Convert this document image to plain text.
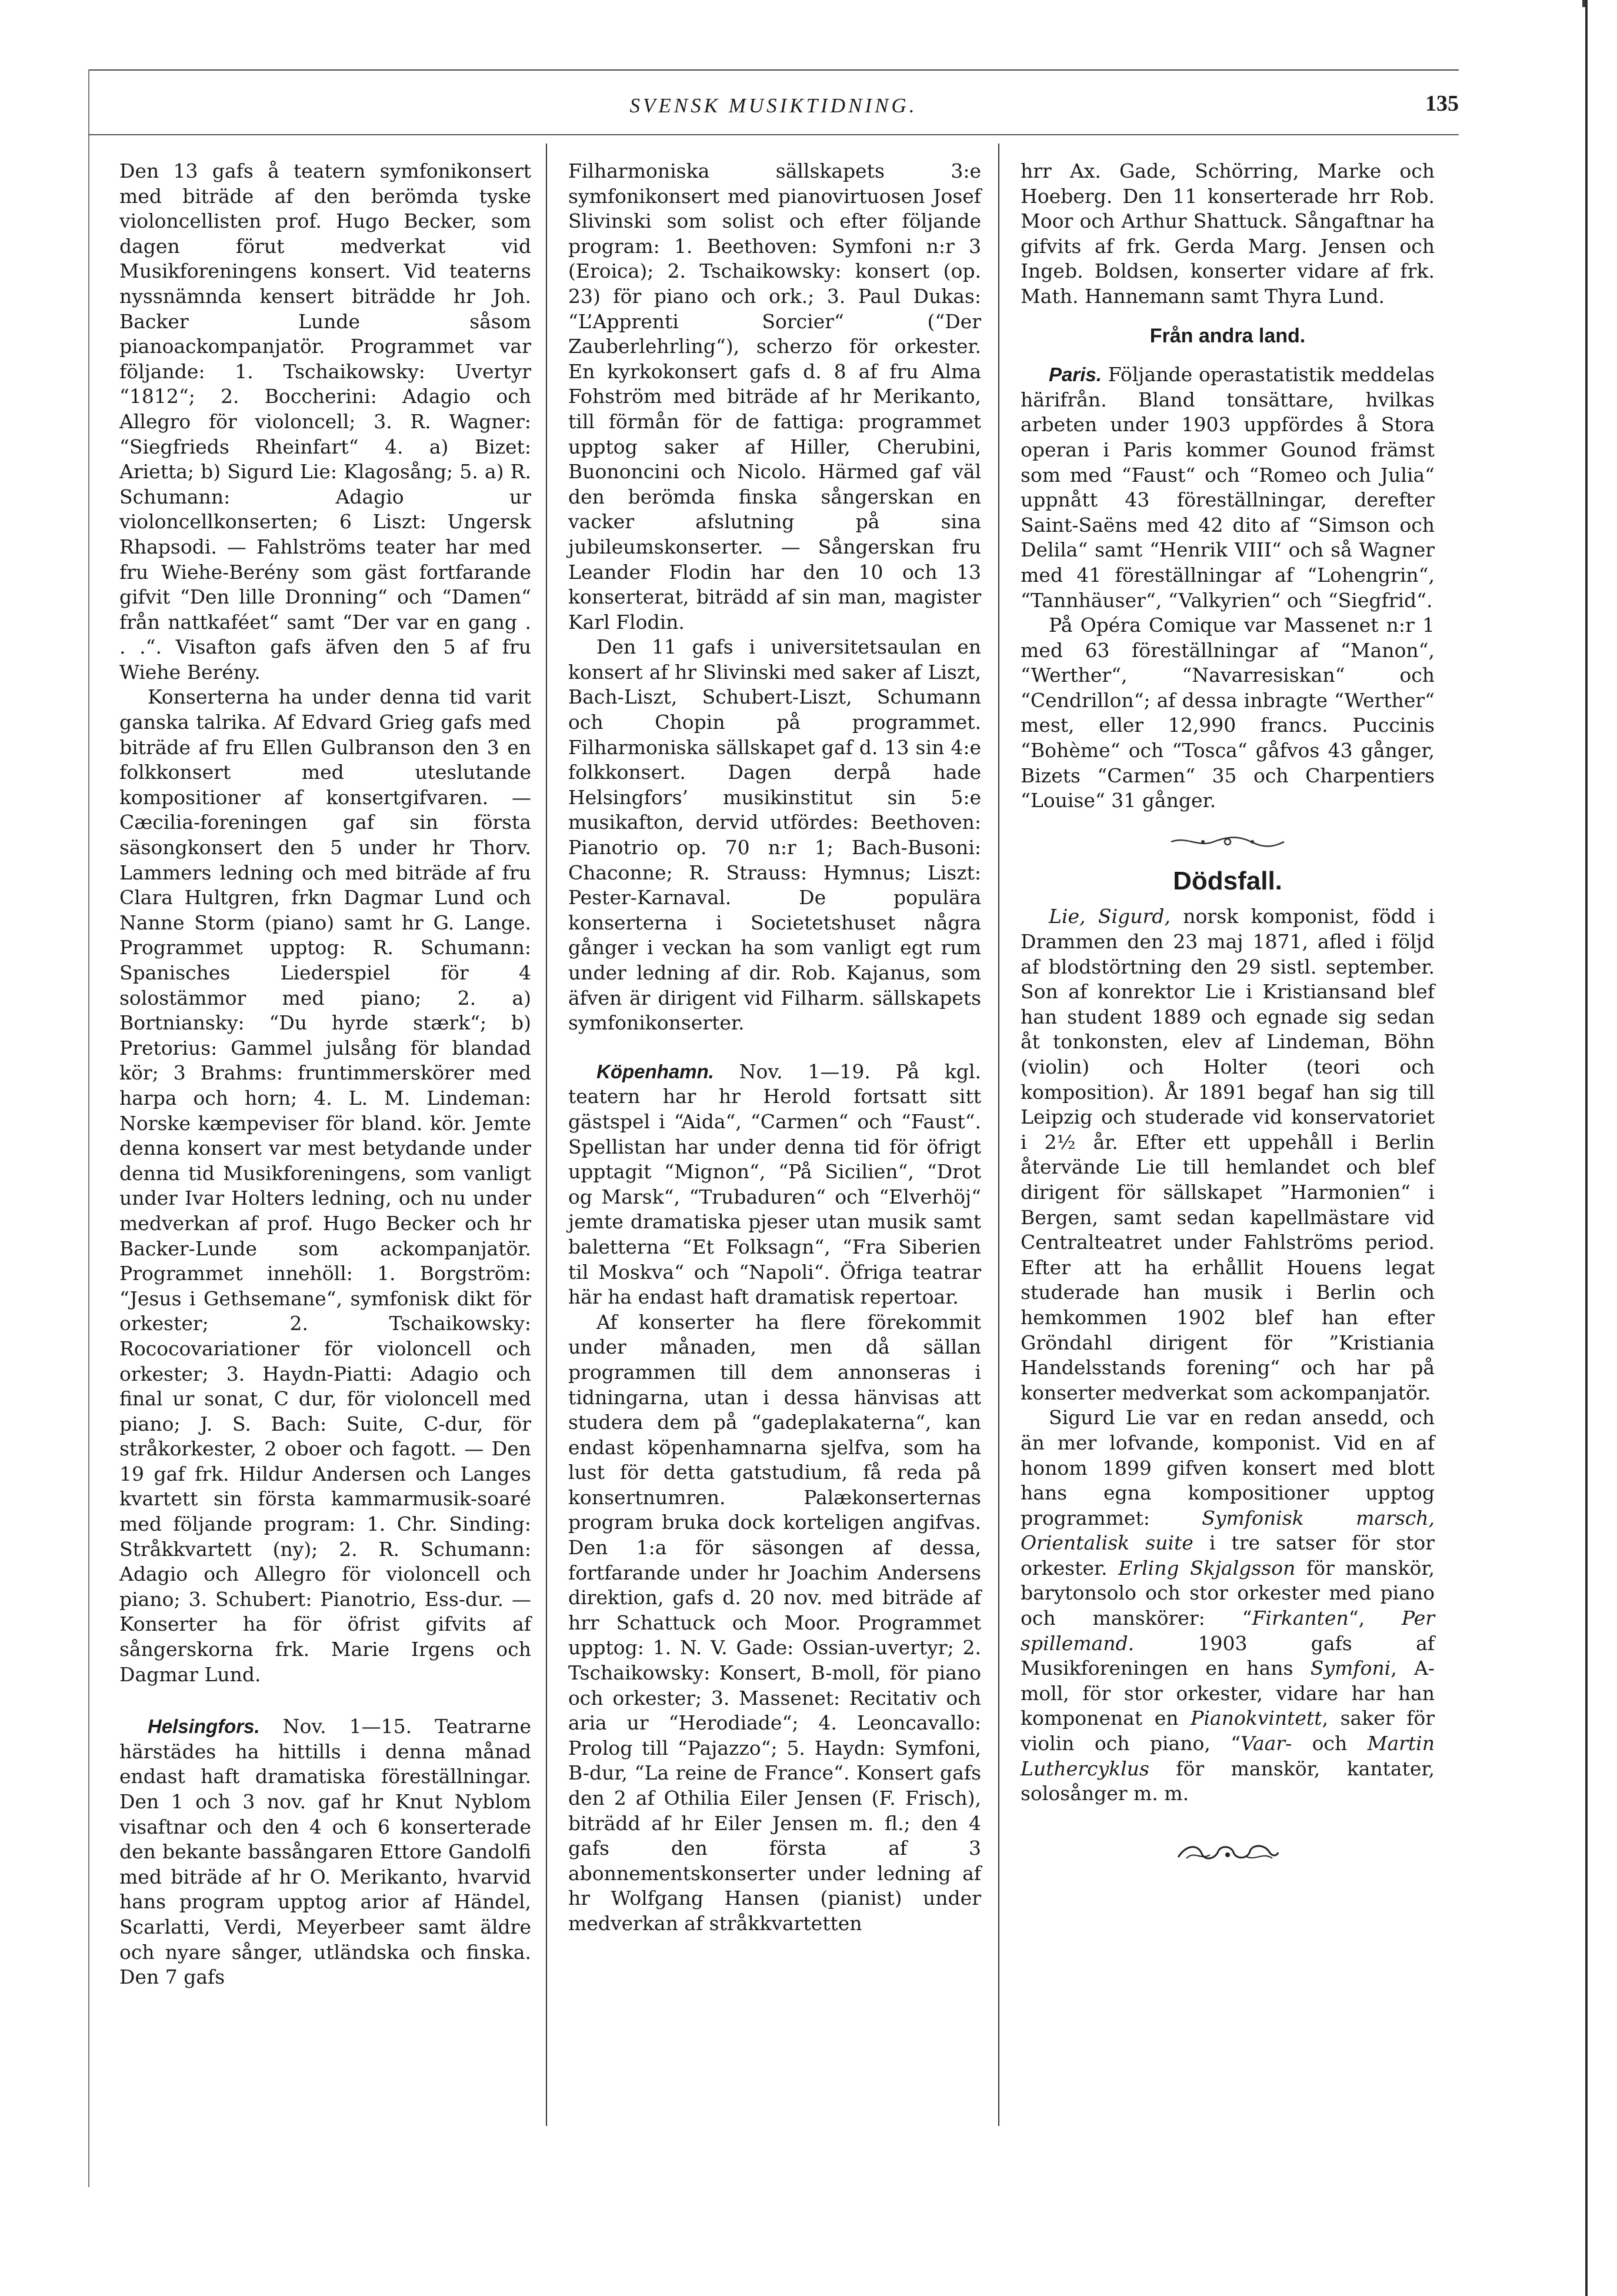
SVENSK MUSIKTIDNING.	135

Den 13 gafs å teatern symfonikonsert med biträde af den berömda tyske violoncellisten prof. Hugo Becker, som dagen förut medverkat vid Musikforeningens konsert. Vid teaterns nyssnämnda kensert biträdde hr Joh. Backer Lunde såsom pianoackompanjatör. Programmet var följande: 1. Tschaikowsky: Uvertyr “1812“; 2. Boccherini: Adagio och Allegro för violoncell; 3. R. Wagner: “Siegfrieds Rheinfart“ 4. a) Bizet: Arietta; b) Sigurd Lie: Klagosång; 5. a) R. Schumann: Adagio ur violoncellkonserten; 6 Liszt: Ungersk Rhapsodi. — Fahlströms teater har med fru Wiehe-Berény som gäst fortfarande gifvit “Den lille Dronning“ och “Damen“ från nattkaféet“ samt “Der var en gang . . .“. Visafton gafs äfven den 5 af fru Wiehe Berény.

Konserterna ha under denna tid varit ganska talrika. Af Edvard Grieg gafs med biträde af fru Ellen Gulbranson den 3 en folkkonsert med uteslutande kompositioner af konsertgifvaren. — Cæcilia-foreningen gaf sin första säsongkonsert den 5 under hr Thorv. Lammers ledning och med biträde af fru Clara Hultgren, frkn Dagmar Lund och Nanne Storm (piano) samt hr G. Lange. Programmet upptog: R. Schumann: Spanisches Liederspiel för 4 solostämmor med piano; 2. a) Bortniansky: “Du hyrde stærk“; b) Pretorius: Gammel julsång för blandad kör; 3 Brahms: fruntimmerskörer med harpa och horn; 4. L. M. Lindeman: Norske kæmpeviser för bland. kör. Jemte denna konsert var mest betydande under denna tid Musikforeningens, som vanligt under Ivar Holters ledning, och nu under medverkan af prof. Hugo Becker och hr Backer-Lunde som ackompanjatör. Programmet innehöll: 1. Borgström: “Jesus i Gethsemane“, symfonisk dikt för orkester; 2. Tschaikowsky: Rococovariationer för violoncell och orkester; 3. Haydn-Piatti: Adagio och final ur sonat, C dur, för violoncell med piano; J. S. Bach: Suite, C-dur, för stråkorkester, 2 oboer och fagott. — Den 19 gaf frk. Hildur Andersen och Langes kvartett sin första kammarmusik-soaré med följande program: 1. Chr. Sinding: Stråkkvartett (ny); 2. R. Schumann: Adagio och Allegro för violoncell och piano; 3. Schubert: Pianotrio, Ess-dur. — Konserter ha för öfrist gifvits af sångerskorna frk. Marie Irgens och Dagmar Lund.

Helsingfors. Nov. 1—15. Teatrarne härstädes ha hittills i denna månad endast haft dramatiska föreställningar. Den 1 och 3 nov. gaf hr Knut Nyblom visaftnar och den 4 och 6 konserterade den bekante bassångaren Ettore Gandolfi med biträde af hr O. Merikanto, hvarvid hans program upptog arior af Händel, Scarlatti, Verdi, Meyerbeer samt äldre och nyare sånger, utländska och finska. Den 7 gafs

Filharmoniska sällskapets 3:e symfonikonsert med pianovirtuosen Josef Slivinski som solist och efter följande program: 1. Beethoven: Symfoni n:r 3 (Eroica); 2. Tschaikowsky: konsert (op. 23) för piano och ork.; 3. Paul Dukas: “L’Apprenti Sorcier“ (“Der Zauberlehrling“), scherzo för orkester. En kyrkokonsert gafs d. 8 af fru Alma Fohström med biträde af hr Merikanto, till förmån för de fattiga: programmet upptog saker af Hiller, Cherubini, Buononcini och Nicolo. Härmed gaf väl den berömda finska sångerskan en vacker afslutning på sina jubileumskonserter. — Sångerskan fru Leander Flodin har den 10 och 13 konserterat, biträdd af sin man, magister Karl Flodin.

Den 11 gafs i universitetsaulan en konsert af hr Slivinski med saker af Liszt, Bach-Liszt, Schubert-Liszt, Schumann och Chopin på programmet. Filharmoniska sällskapet gaf d. 13 sin 4:e folkkonsert. Dagen derpå hade Helsingfors’ musikinstitut sin 5:e musikafton, dervid utfördes: Beethoven: Pianotrio op. 70 n:r 1; Bach-Busoni: Chaconne; R. Strauss: Hymnus; Liszt: Pester-Karnaval. De populära konserterna i Societetshuset några gånger i veckan ha som vanligt egt rum under ledning af dir. Rob. Kajanus, som äfven är dirigent vid Filharm. sällskapets symfonikonserter.

Köpenhamn. Nov. 1—19. På kgl. teatern har hr Herold fortsatt sitt gästspel i “Aida“, “Carmen“ och “Faust“. Spellistan har under denna tid för öfrigt upptagit “Mignon“, “På Sicilien“, “Drot og Marsk“, “Trubaduren“ och “Elverhöj“ jemte dramatiska pjeser utan musik samt baletterna “Et Folksagn“, “Fra Siberien til Moskva“ och “Napoli“. Öfriga teatrar här ha endast haft dramatisk repertoar.

Af konserter ha flere förekommit under månaden, men då sällan programmen till dem annonseras i tidningarna, utan i dessa hänvisas att studera dem på “gadeplakaterna“, kan endast köpenhamnarna sjelfva, som ha lust för detta gatstudium, få reda på konsertnumren. Palækonserternas program bruka dock korteligen angifvas. Den 1:a för säsongen af dessa, fortfarande under hr Joachim Andersens direktion, gafs d. 20 nov. med biträde af hrr Schattuck och Moor. Programmet upptog: 1. N. V. Gade: Ossian-uvertyr; 2. Tschaikowsky: Konsert, B-moll, för piano och orkester; 3. Massenet: Recitativ och aria ur “Herodiade“; 4. Leoncavallo: Prolog till “Pajazzo“; 5. Haydn: Symfoni, B-dur, “La reine de France“. Konsert gafs den 2 af Othilia Eiler Jensen (F. Frisch), biträdd af hr Eiler Jensen m. fl.; den 4 gafs den första af 3 abonnementskonserter under ledning af hr Wolfgang Hansen (pianist) under medverkan af stråkkvartetten

hrr Ax. Gade, Schörring, Marke och Hoeberg. Den 11 konserterade hrr Rob. Moor och Arthur Shattuck. Sångaftnar ha gifvits af frk. Gerda Marg. Jensen och Ingeb. Boldsen, konserter vidare af frk. Math. Hannemann samt Thyra Lund.

Från andra land.

Paris. Följande operastatistik meddelas härifrån. Bland tonsättare, hvilkas arbeten under 1903 uppfördes å Stora operan i Paris kommer Gounod främst som med “Faust“ och “Romeo och Julia“ uppnått 43 föreställningar, derefter Saint-Saëns med 42 dito af “Simson och Delila“ samt “Henrik VIII“ och så Wagner med 41 föreställningar af “Lohengrin“, “Tannhäuser“, “Valkyrien“ och “Siegfrid“.

På Opéra Comique var Massenet n:r 1 med 63 föreställningar af “Manon“, “Werther“, “Navarresiskan“ och “Cendrillon“; af dessa inbragte “Werther“ mest, eller 12,990 francs. Puccinis “Bohème“ och “Tosca“ gåfvos 43 gånger, Bizets “Carmen“ 35 och Charpentiers “Louise“ 31 gånger.

Dödsfall.

Lie, Sigurd, norsk komponist, född i Drammen den 23 maj 1871, afled i följd af blodstörtning den 29 sistl. september. Son af konrektor Lie i Kristiansand blef han student 1889 och egnade sig sedan åt tonkonsten, elev af Lindeman, Böhn (violin) och Holter (teori och komposition). År 1891 begaf han sig till Leipzig och studerade vid konservatoriet i 2½ år. Efter ett uppehåll i Berlin återvände Lie till hemlandet och blef dirigent för sällskapet ”Harmonien“ i Bergen, samt sedan kapellmästare vid Centralteatret under Fahlströms period. Efter att ha erhållit Houens legat studerade han musik i Berlin och hemkommen 1902 blef han efter Gröndahl dirigent för ”Kristiania Handelsstands forening“ och har på konserter medverkat som ackompanjatör.

Sigurd Lie var en redan ansedd, och än mer lofvande, komponist. Vid en af honom 1899 gifven konsert med blott hans egna kompositioner upptog programmet: Symfonisk marsch, Orientalisk suite i tre satser för stor orkester. Erling Skjalgsson för manskör, barytonsolo och stor orkester med piano och manskörer: “Firkanten“, Per spillemand. 1903 gafs af Musikforeningen en hans Symfoni, A-moll, för stor orkester, vidare har han komponenat en Pianokvintett, saker för violin och piano, “Vaar- och Martin Luthercyklus för manskör, kantater, solosånger m. m.
